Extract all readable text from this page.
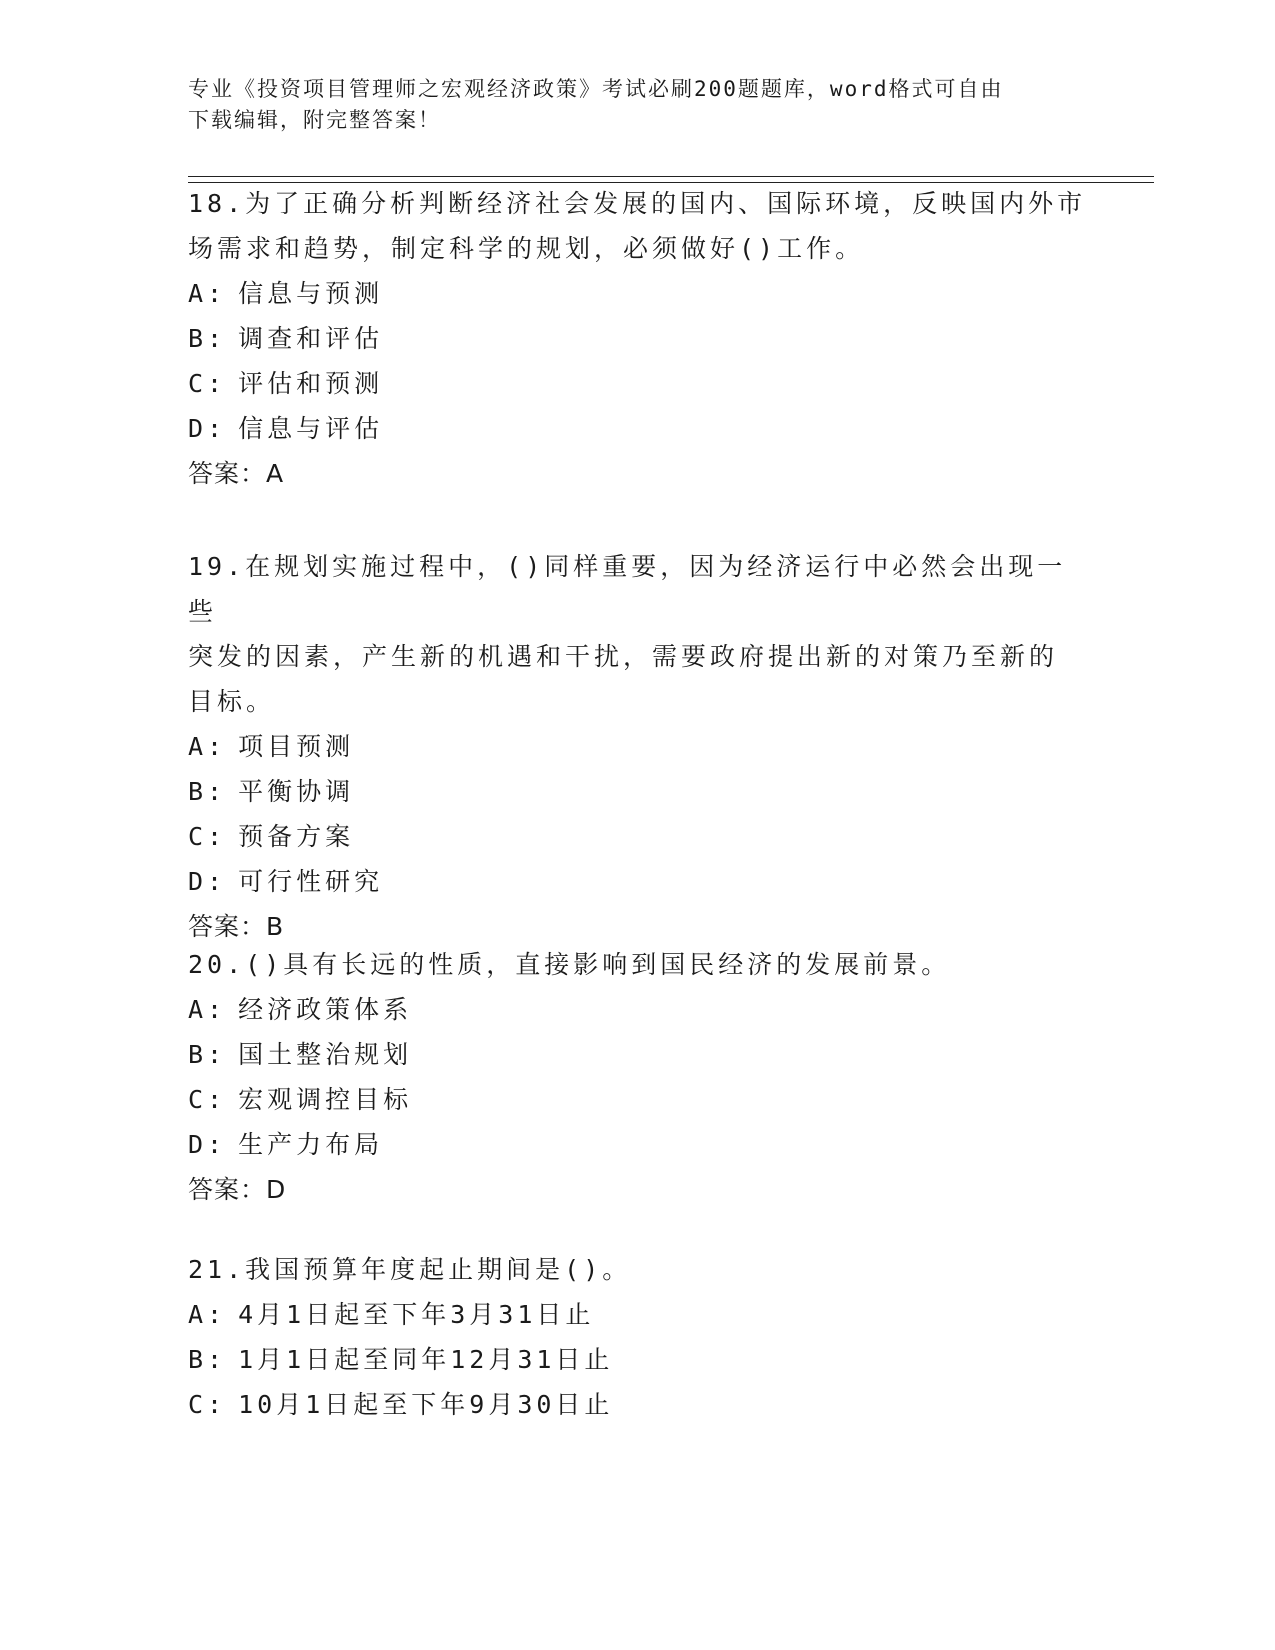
专业《投资项目管理师之宏观经济政策》考试必刷200题题库，word格式可自由
下载编辑，附完整答案！

18.为了正确分析判断经济社会发展的国内、国际环境，反映国内外市

场需求和趋势，制定科学的规划，必须做好()工作。

A: 信息与预测

B: 调查和评估

C: 评估和预测

D: 信息与评估

答案：A

19.在规划实施过程中，()同样重要，因为经济运行中必然会出现一些

突发的因素，产生新的机遇和干扰，需要政府提出新的对策乃至新的

目标。

A: 项目预测

B: 平衡协调

C: 预备方案

D: 可行性研究

答案：B

20.()具有长远的性质，直接影响到国民经济的发展前景。

A: 经济政策体系

B: 国土整治规划

C: 宏观调控目标

D: 生产力布局

答案：D

21.我国预算年度起止期间是()。

A: 4月1日起至下年3月31日止

B: 1月1日起至同年12月31日止

C: 10月1日起至下年9月30日止
